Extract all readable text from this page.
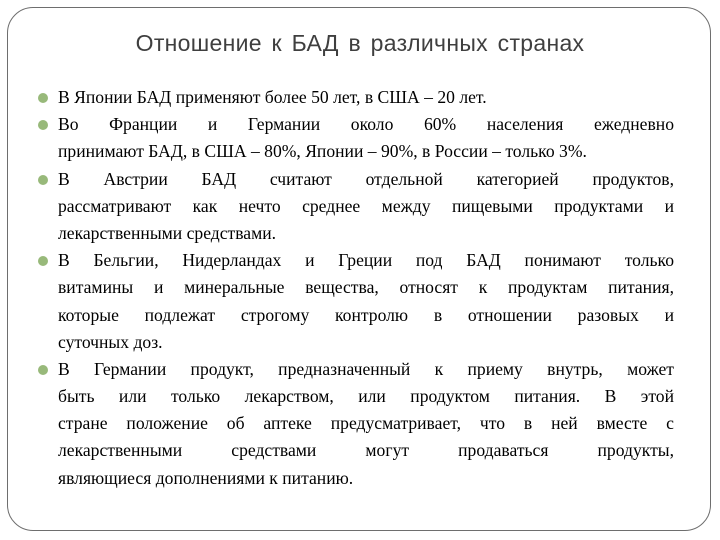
Отношение к БАД в различных странах
В Японии БАД применяют более 50 лет, в США – 20 лет.
Во Франции и Германии около 60% населения ежедневно
принимают БАД, в США – 80%, Японии – 90%, в России – только 3%.
В Австрии БАД считают отдельной категорией продуктов,
рассматривают как нечто среднее между пищевыми продуктами и
лекарственными средствами.
В Бельгии, Нидерландах и Греции под БАД понимают только
витамины и минеральные вещества, относят к продуктам питания,
которые подлежат строгому контролю в отношении разовых и
суточных доз.
В Германии продукт, предназначенный к приему внутрь, может
быть или только лекарством, или продуктом питания. В этой
стране положение об аптеке предусматривает, что в ней вместе с
лекарственными средствами могут продаваться продукты,
являющиеся дополнениями к питанию.
